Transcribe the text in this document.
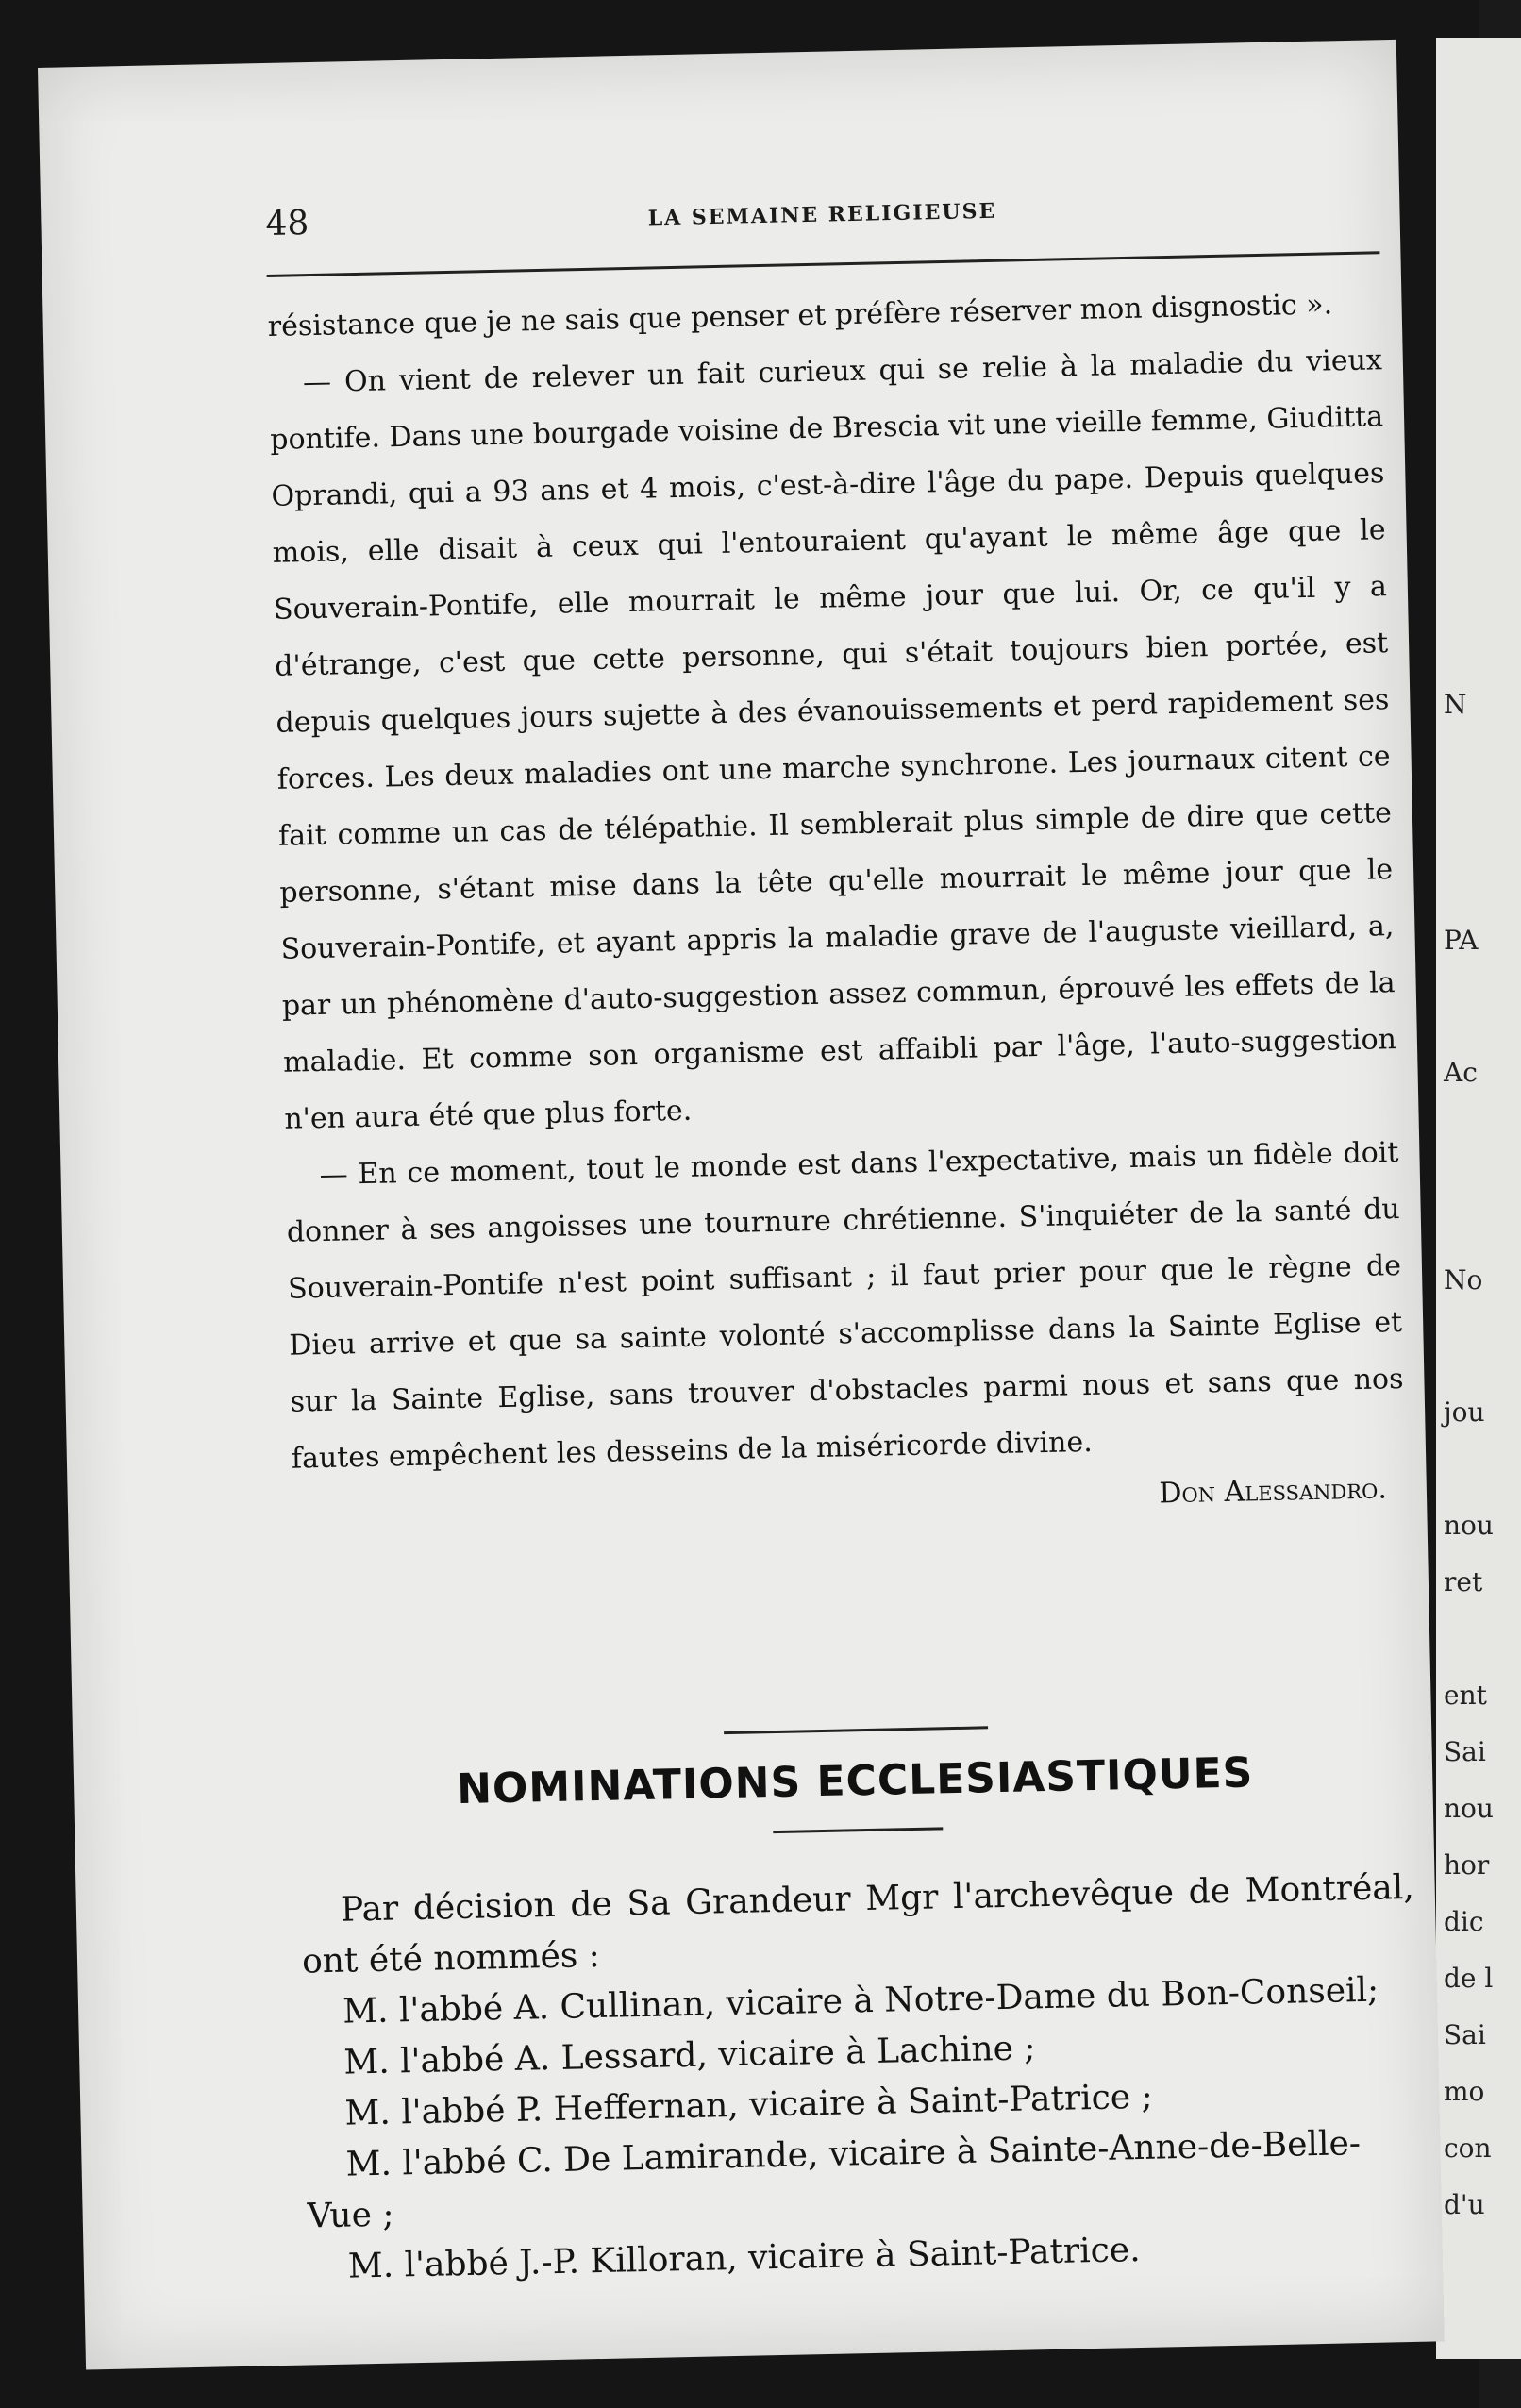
N
PA
Ac
No
jou
nou
ret
ent
Sai
nou
hor
dic
de l
Sai
mo
con
d'u
48	LA SEMAINE RELIGIEUSE

résistance que je ne sais que penser et préfère réserver mon disgnostic ».

— On vient de relever un fait curieux qui se relie à la maladie du vieux pontife. Dans une bourgade voisine de Brescia vit une vieille femme, Giuditta Oprandi, qui a 93 ans et 4 mois, c'est-à-dire l'âge du pape. Depuis quelques mois, elle disait à ceux qui l'entouraient qu'ayant le même âge que le Souverain-Pontife, elle mourrait le même jour que lui. Or, ce qu'il y a d'étrange, c'est que cette personne, qui s'était toujours bien portée, est depuis quelques jours sujette à des évanouissements et perd rapidement ses forces. Les deux maladies ont une marche synchrone. Les journaux citent ce fait comme un cas de télépathie. Il semblerait plus simple de dire que cette personne, s'étant mise dans la tête qu'elle mourrait le même jour que le Souverain-Pontife, et ayant appris la maladie grave de l'auguste vieillard, a, par un phénomène d'auto-suggestion assez commun, éprouvé les effets de la maladie. Et comme son organisme est affaibli par l'âge, l'auto-suggestion n'en aura été que plus forte.

— En ce moment, tout le monde est dans l'expectative, mais un fidèle doit donner à ses angoisses une tournure chrétienne. S'inquiéter de la santé du Souverain-Pontife n'est point suffisant ; il faut prier pour que le règne de Dieu arrive et que sa sainte volonté s'accomplisse dans la Sainte Eglise et sur la Sainte Eglise, sans trouver d'obstacles parmi nous et sans que nos fautes empêchent les desseins de la miséricorde divine.

Don Alessandro.
NOMINATIONS ECCLESIASTIQUES

Par décision de Sa Grandeur Mgr l'archevêque de Montréal, ont été nommés :

M. l'abbé A. Cullinan, vicaire à Notre-Dame du Bon-Conseil;

M. l'abbé A. Lessard, vicaire à Lachine ;

M. l'abbé P. Heffernan, vicaire à Saint-Patrice ;

M. l'abbé C. De Lamirande, vicaire à Sainte-Anne-de-Belle-

Vue ;

M. l'abbé J.-P. Killoran, vicaire à Saint-Patrice.
